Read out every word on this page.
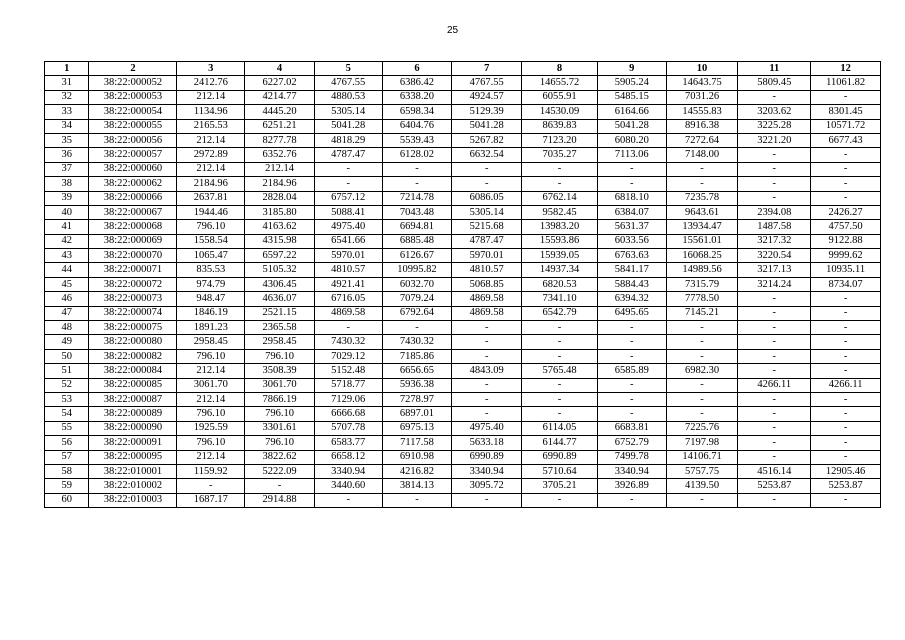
25
1	2	3	4	5	6	7	8	9	10	11	12
31	38:22:000052	2412.76	6227.02	4767.55	6386.42	4767.55	14655.72	5905.24	14643.75	5809.45	11061.82
32	38:22:000053	212.14	4214.77	4880.53	6338.20	4924.57	6055.91	5485.15	7031.26	-	-
33	38:22:000054	1134.96	4445.20	5305.14	6598.34	5129.39	14530.09	6164.66	14555.83	3203.62	8301.45
34	38:22:000055	2165.53	6251.21	5041.28	6404.76	5041.28	8639.83	5041.28	8916.38	3225.28	10571.72
35	38:22:000056	212.14	8277.78	4818.29	5539.43	5267.82	7123.20	6080.20	7272.64	3221.20	6677.43
36	38:22:000057	2972.89	6352.76	4787.47	6128.02	6632.54	7035.27	7113.06	7148.00	-	-
37	38:22:000060	212.14	212.14	-	-	-	-	-	-	-	-
38	38:22:000062	2184.96	2184.96	-	-	-	-	-	-	-	-
39	38:22:000066	2637.81	2828.04	6757.12	7214.78	6086.05	6762.14	6818.10	7235.78	-	-
40	38:22:000067	1944.46	3185.80	5088.41	7043.48	5305.14	9582.45	6384.07	9643.61	2394.08	2426.27
41	38:22:000068	796.10	4163.62	4975.40	6694.81	5215.68	13983.20	5631.37	13934.47	1487.58	4757.50
42	38:22:000069	1558.54	4315.98	6541.66	6885.48	4787.47	15593.86	6033.56	15561.01	3217.32	9122.88
43	38:22:000070	1065.47	6597.22	5970.01	6126.67	5970.01	15939.05	6763.63	16068.25	3220.54	9999.62
44	38:22:000071	835.53	5105.32	4810.57	10995.82	4810.57	14937.34	5841.17	14989.56	3217.13	10935.11
45	38:22:000072	974.79	4306.45	4921.41	6032.70	5068.85	6820.53	5884.43	7315.79	3214.24	8734.07
46	38:22:000073	948.47	4636.07	6716.05	7079.24	4869.58	7341.10	6394.32	7778.50	-	-
47	38:22:000074	1846.19	2521.15	4869.58	6792.64	4869.58	6542.79	6495.65	7145.21	-	-
48	38:22:000075	1891.23	2365.58	-	-	-	-	-	-	-	-
49	38:22:000080	2958.45	2958.45	7430.32	7430.32	-	-	-	-	-	-
50	38:22:000082	796.10	796.10	7029.12	7185.86	-	-	-	-	-	-
51	38:22:000084	212.14	3508.39	5152.48	6656.65	4843.09	5765.48	6585.89	6982.30	-	-
52	38:22:000085	3061.70	3061.70	5718.77	5936.38	-	-	-	-	4266.11	4266.11
53	38:22:000087	212.14	7866.19	7129.06	7278.97	-	-	-	-	-	-
54	38:22:000089	796.10	796.10	6666.68	6897.01	-	-	-	-	-	-
55	38:22:000090	1925.59	3301.61	5707.78	6975.13	4975.40	6114.05	6683.81	7225.76	-	-
56	38:22:000091	796.10	796.10	6583.77	7117.58	5633.18	6144.77	6752.79	7197.98	-	-
57	38:22:000095	212.14	3822.62	6658.12	6910.98	6990.89	6990.89	7499.78	14106.71	-	-
58	38:22:010001	1159.92	5222.09	3340.94	4216.82	3340.94	5710.64	3340.94	5757.75	4516.14	12905.46
59	38:22:010002	-	-	3440.60	3814.13	3095.72	3705.21	3926.89	4139.50	5253.87	5253.87
60	38:22:010003	1687.17	2914.88	-	-	-	-	-	-	-	-
